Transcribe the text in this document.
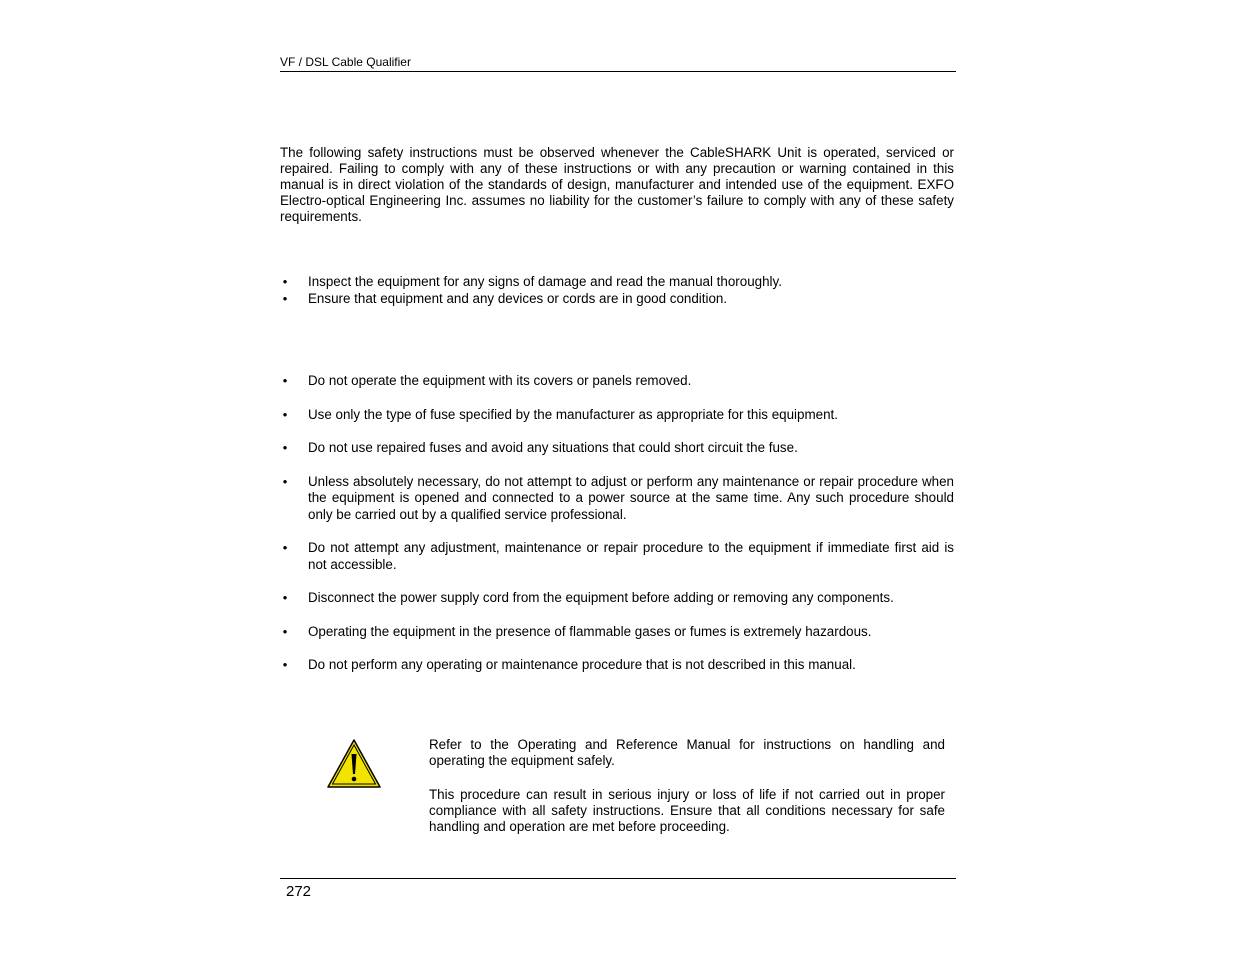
VF / DSL Cable Qualifier

The following safety instructions must be observed whenever the CableSHARK Unit is operated, serviced or repaired. Failing to comply with any of these instructions or with any precaution or warning contained in this manual is in direct violation of the standards of design, manufacturer and intended use of the equipment. EXFO Electro-optical Engineering Inc. assumes no liability for the customer’s failure to comply with any of these safety requirements.

• Inspect the equipment for any signs of damage and read the manual thoroughly.
• Ensure that equipment and any devices or cords are in good condition.
• Do not operate the equipment with its covers or panels removed.
• Use only the type of fuse specified by the manufacturer as appropriate for this equipment.
• Do not use repaired fuses and avoid any situations that could short circuit the fuse.
• Unless absolutely necessary, do not attempt to adjust or perform any maintenance or repair procedure when the equipment is opened and connected to a power source at the same time. Any such procedure should only be carried out by a qualified service professional.
• Do not attempt any adjustment, maintenance or repair procedure to the equipment if immediate first aid is not accessible.
• Disconnect the power supply cord from the equipment before adding or removing any components.
• Operating the equipment in the presence of flammable gases or fumes is extremely hazardous.
• Do not perform any operating or maintenance procedure that is not described in this manual.

Refer to the Operating and Reference Manual for instructions on handling and operating the equipment safely.

This procedure can result in serious injury or loss of life if not carried out in proper compliance with all safety instructions. Ensure that all conditions necessary for safe handling and operation are met before proceeding.

272
